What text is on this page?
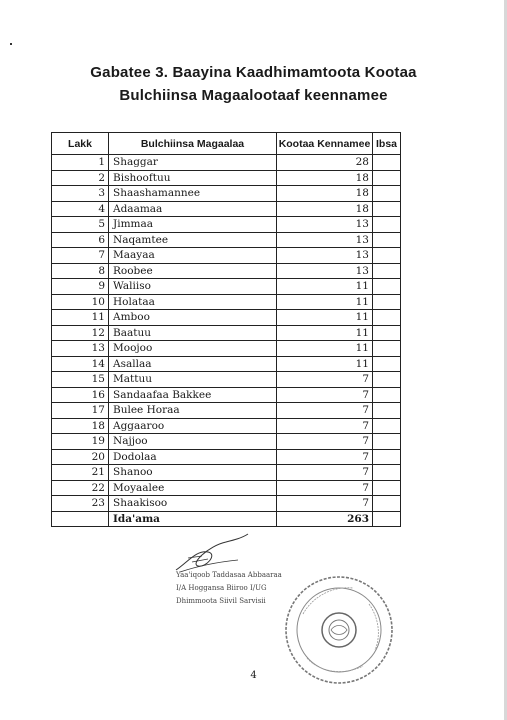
Gabatee 3. Baayina Kaadhimamtoota Kootaa
Bulchiinsa Magaalootaaf keennamee
Lakk	Bulchiinsa Magaalaa	Kootaa Kennamee	Ibsa
1	Shaggar	28	
2	Bishooftuu	18	
3	Shaashamannee	18	
4	Adaamaa	18	
5	Jimmaa	13	
6	Naqamtee	13	
7	Maayaa	13	
8	Roobee	13	
9	Waliiso	11	
10	Holataa	11	
11	Amboo	11	
12	Baatuu	11	
13	Moojoo	11	
14	Asallaa	11	
15	Mattuu	7	
16	Sandaafaa Bakkee	7	
17	Bulee Horaa	7	
18	Aggaaroo	7	
19	Najjoo	7	
20	Dodolaa	7	
21	Shanoo	7	
22	Moyaalee	7	
23	Shaakisoo	7	
	Ida'ama	263	
Yaa'iqoob Taddasaa Abbaaraa
I/A Hoggansa Biiroo I/UG
Dhimmoota Siivil Sarvisii
4
